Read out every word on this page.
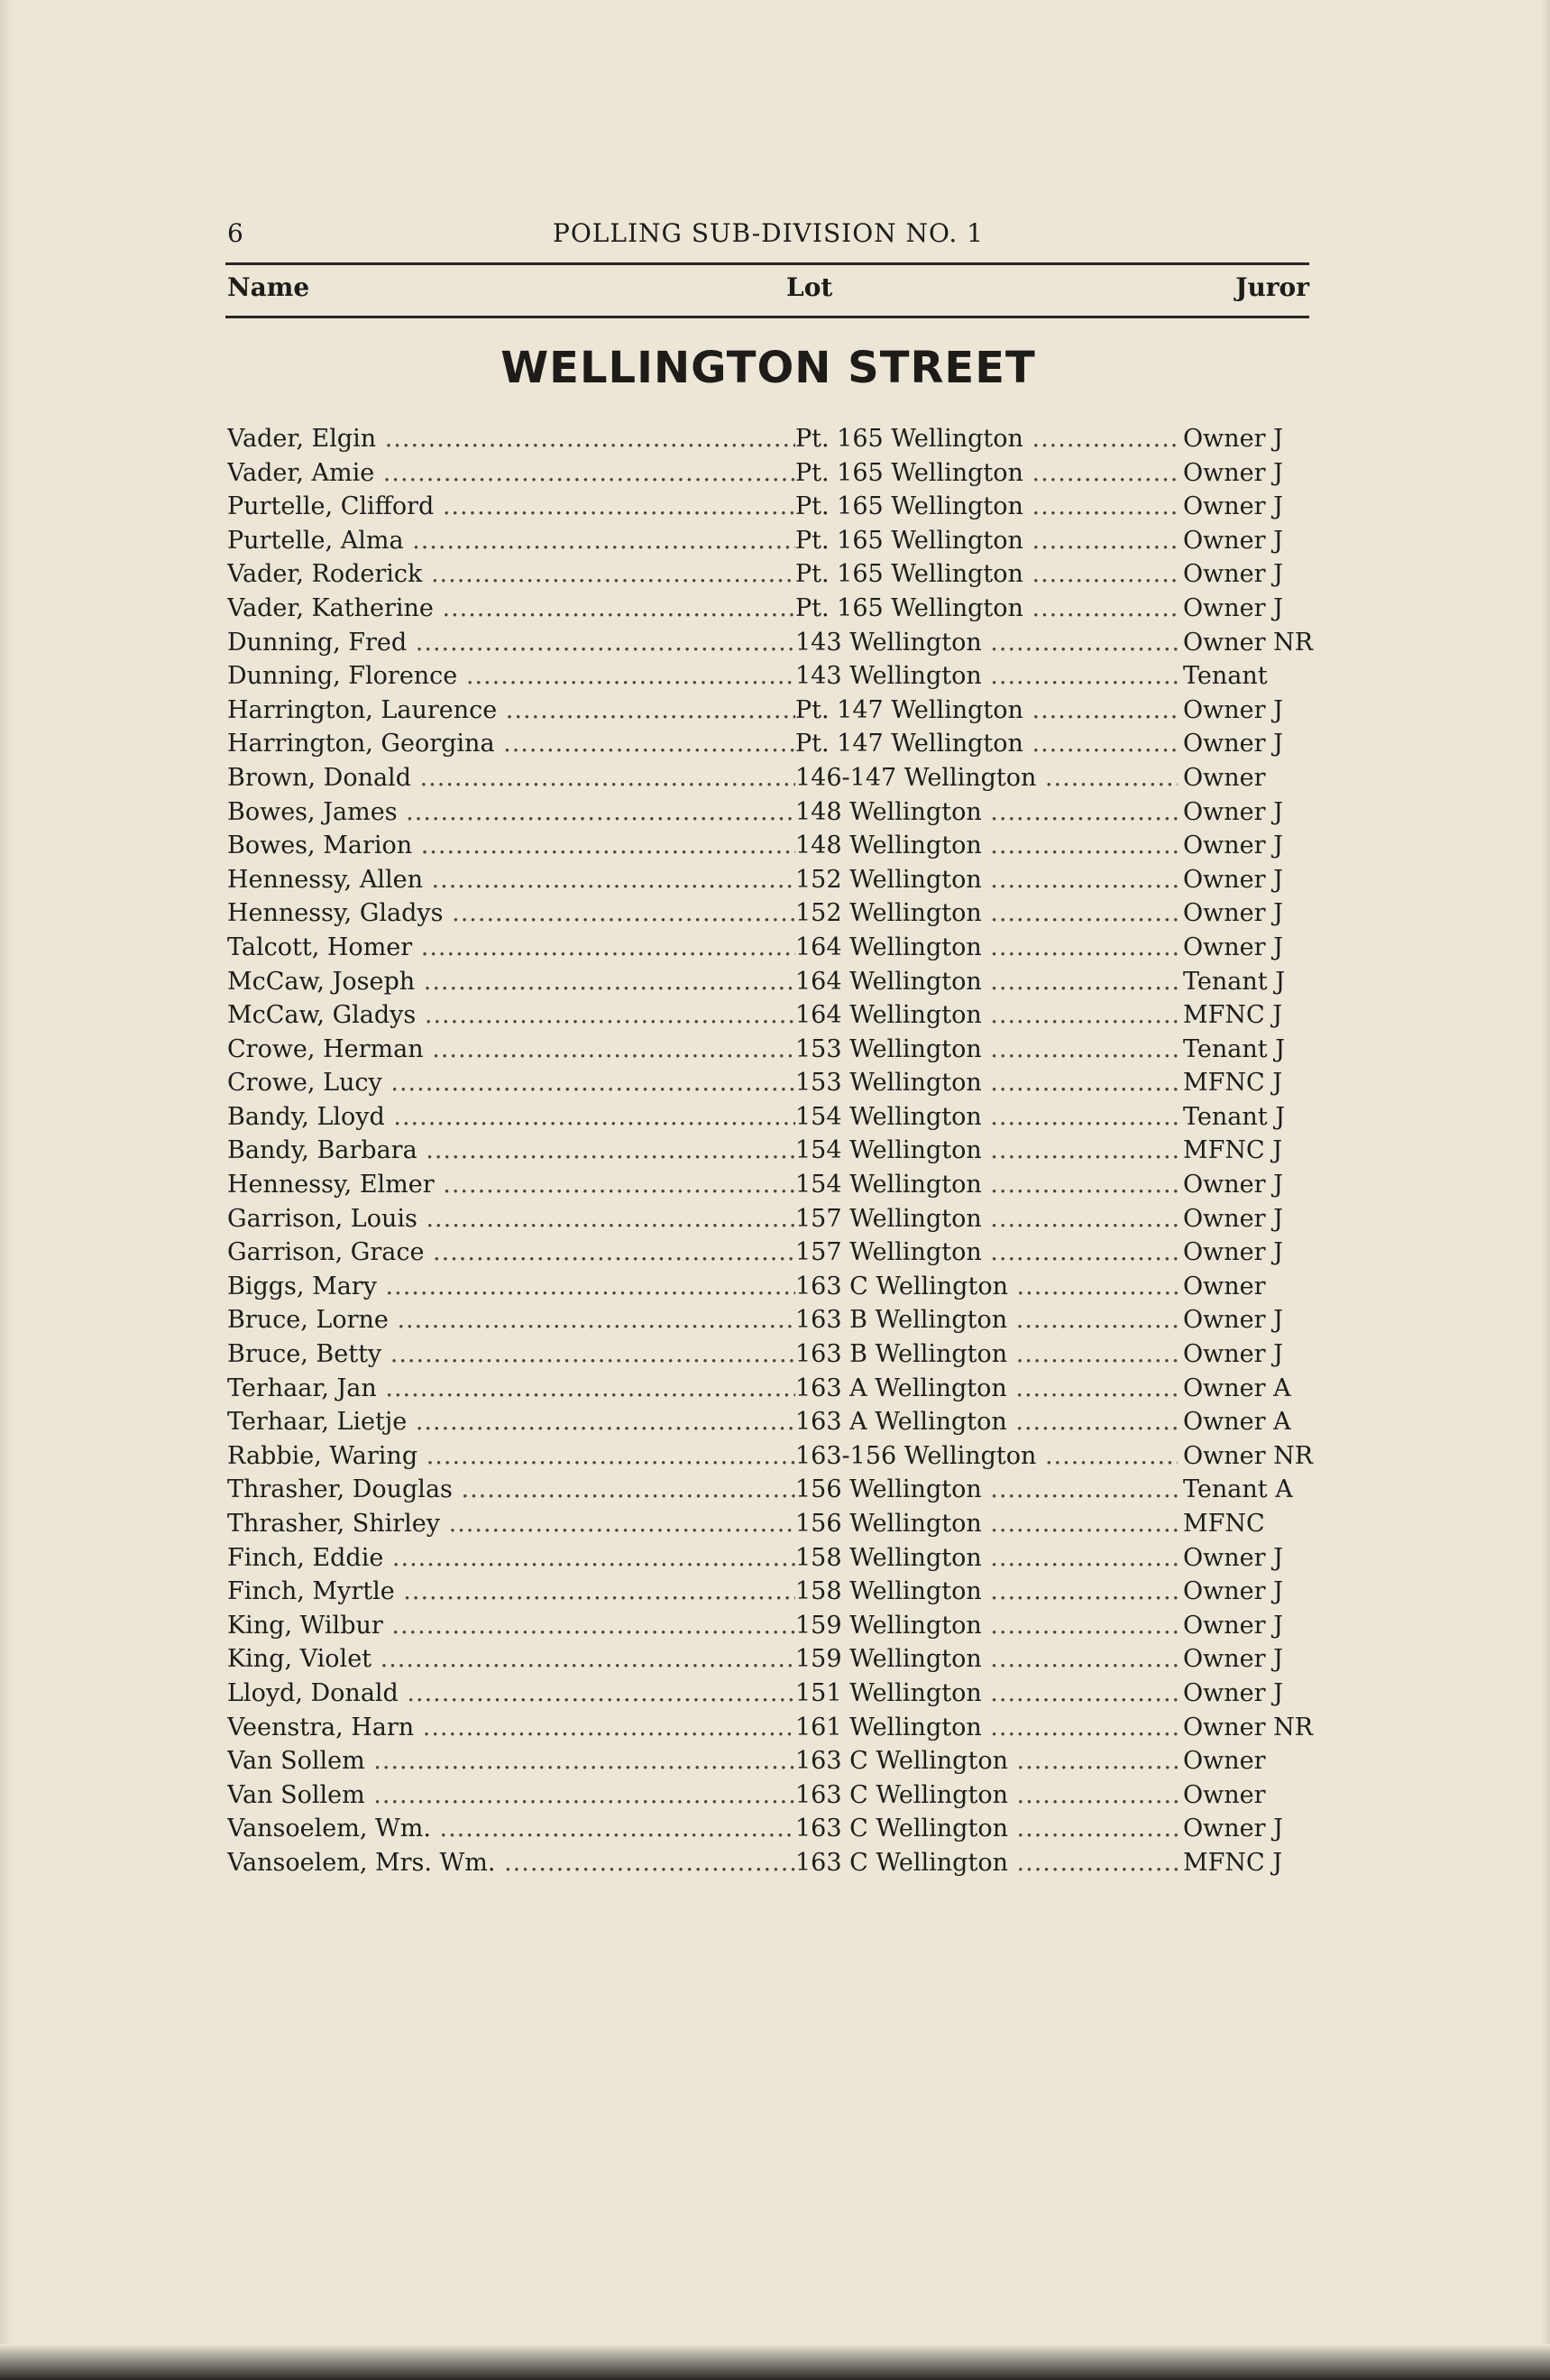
6	POLLING SUB-DIVISION NO. 1
Name	Lot	Juror
WELLINGTON STREET
Vader, Elgin .....	Pt. 165 Wellington .....	Owner J
Vader, Amie .....	Pt. 165 Wellington .....	Owner J
Purtelle, Clifford .....	Pt. 165 Wellington .....	Owner J
Purtelle, Alma .....	Pt. 165 Wellington .....	Owner J
Vader, Roderick .....	Pt. 165 Wellington .....	Owner J
Vader, Katherine .....	Pt. 165 Wellington .....	Owner J
Dunning, Fred .....	143 Wellington .....	Owner NR
Dunning, Florence .....	143 Wellington .....	Tenant
Harrington, Laurence .....	Pt. 147 Wellington .....	Owner J
Harrington, Georgina .....	Pt. 147 Wellington .....	Owner J
Brown, Donald .....	146-147 Wellington .....	Owner
Bowes, James .....	148 Wellington .....	Owner J
Bowes, Marion .....	148 Wellington .....	Owner J
Hennessy, Allen .....	152 Wellington .....	Owner J
Hennessy, Gladys .....	152 Wellington .....	Owner J
Talcott, Homer .....	164 Wellington .....	Owner J
McCaw, Joseph .....	164 Wellington .....	Tenant J
McCaw, Gladys .....	164 Wellington .....	MFNC J
Crowe, Herman .....	153 Wellington .....	Tenant J
Crowe, Lucy .....	153 Wellington .....	MFNC J
Bandy, Lloyd .....	154 Wellington .....	Tenant J
Bandy, Barbara .....	154 Wellington .....	MFNC J
Hennessy, Elmer .....	154 Wellington .....	Owner J
Garrison, Louis .....	157 Wellington .....	Owner J
Garrison, Grace .....	157 Wellington .....	Owner J
Biggs, Mary .....	163 C Wellington .....	Owner
Bruce, Lorne .....	163 B Wellington .....	Owner J
Bruce, Betty .....	163 B Wellington .....	Owner J
Terhaar, Jan .....	163 A Wellington .....	Owner A
Terhaar, Lietje .....	163 A Wellington .....	Owner A
Rabbie, Waring .....	163-156 Wellington .....	Owner NR
Thrasher, Douglas .....	156 Wellington .....	Tenant A
Thrasher, Shirley .....	156 Wellington .....	MFNC
Finch, Eddie .....	158 Wellington .....	Owner J
Finch, Myrtle .....	158 Wellington .....	Owner J
King, Wilbur .....	159 Wellington .....	Owner J
King, Violet .....	159 Wellington .....	Owner J
Lloyd, Donald .....	151 Wellington .....	Owner J
Veenstra, Harn .....	161 Wellington .....	Owner NR
Van Sollem .....	163 C Wellington .....	Owner
Van Sollem .....	163 C Wellington .....	Owner
Vansoelem, Wm. .....	163 C Wellington .....	Owner J
Vansoelem, Mrs. Wm. .....	163 C Wellington .....	MFNC J
